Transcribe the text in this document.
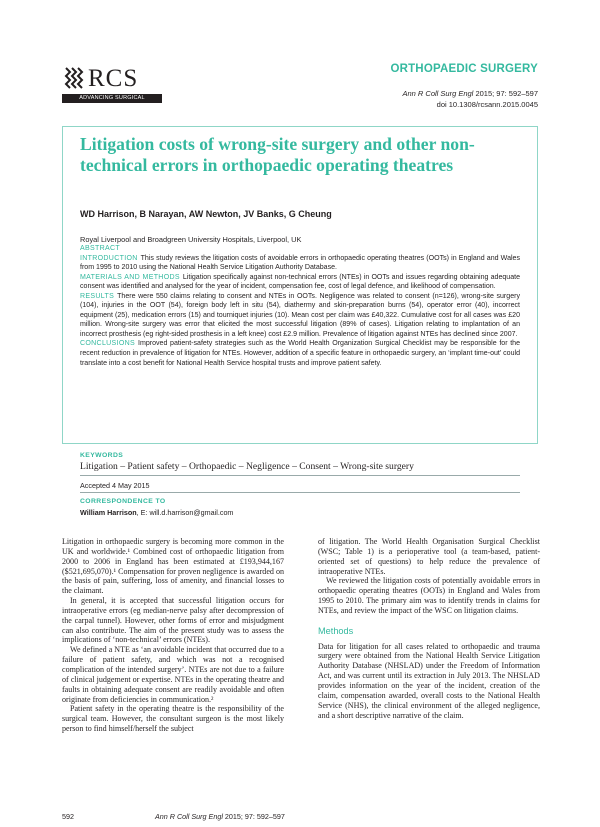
RCS
ADVANCING SURGICAL STANDARDS
ORTHOPAEDIC SURGERY
Ann R Coll Surg Engl 2015; 97: 592–597
doi 10.1308/rcsann.2015.0045
Litigation costs of wrong-site surgery and other non-technical errors in orthopaedic operating theatres
WD Harrison, B Narayan, AW Newton, JV Banks, G Cheung
Royal Liverpool and Broadgreen University Hospitals, Liverpool, UK

ABSTRACT

INTRODUCTION This study reviews the litigation costs of avoidable errors in orthopaedic operating theatres (OOTs) in England and Wales from 1995 to 2010 using the National Health Service Litigation Authority Database.

MATERIALS AND METHODS Litigation specifically against non-technical errors (NTEs) in OOTs and issues regarding obtaining adequate consent was identified and analysed for the year of incident, compensation fee, cost of legal defence, and likelihood of compensation.

RESULTS There were 550 claims relating to consent and NTEs in OOTs. Negligence was related to consent (n=126), wrong-site surgery (104), injuries in the OOT (54), foreign body left in situ (54), diathermy and skin-preparation burns (54), operator error (40), incorrect equipment (25), medication errors (15) and tourniquet injuries (10). Mean cost per claim was £40,322. Cumulative cost for all cases was £20 million. Wrong-site surgery was error that elicited the most successful litigation (89% of cases). Litigation relating to implantation of an incorrect prosthesis (eg right-sided prosthesis in a left knee) cost £2.9 million. Prevalence of litigation against NTEs has declined since 2007.

CONCLUSIONS Improved patient-safety strategies such as the World Health Organization Surgical Checklist may be responsible for the recent reduction in prevalence of litigation for NTEs. However, addition of a specific feature in orthopaedic surgery, an ‘implant time-out’ could translate into a cost benefit for National Health Service hospital trusts and improve patient safety.

KEYWORDS
Litigation – Patient safety – Orthopaedic – Negligence – Consent – Wrong-site surgery
Accepted 4 May 2015
CORRESPONDENCE TO
William Harrison, E: will.d.harrison@gmail.com

Litigation in orthopaedic surgery is becoming more common in the UK and worldwide.¹ Combined cost of orthopaedic litigation from 2000 to 2006 in England has been estimated at £193,944,167 ($521,695,070).¹ Compensation for proven negligence is awarded on the basis of pain, suffering, loss of amenity, and financial losses to the claimant.

In general, it is accepted that successful litigation occurs for intraoperative errors (eg median-nerve palsy after decompression of the carpal tunnel). However, other forms of error and misjudgment can also contribute. The aim of the present study was to assess the implications of ‘non-technical’ errors (NTEs).

We defined a NTE as ‘an avoidable incident that occurred due to a failure of patient safety, and which was not a recognised complication of the intended surgery’. NTEs are not due to a failure of clinical judgement or expertise. NTEs in the operating theatre and faults in obtaining adequate consent are readily avoidable and often originate from deficiencies in communication.²

Patient safety in the operating theatre is the responsibility of the surgical team. However, the consultant surgeon is the most likely person to find himself/herself the subject

of litigation. The World Health Organisation Surgical Checklist (WSC; Table 1) is a perioperative tool (a team-based, patient-oriented set of questions) to help reduce the prevalence of intraoperative NTEs.

We reviewed the litigation costs of potentially avoidable errors in orthopaedic operating theatres (OOTs) in England and Wales from 1995 to 2010. The primary aim was to identify trends in claims for NTEs, and review the impact of the WSC on litigation claims.

Methods

Data for litigation for all cases related to orthopaedic and trauma surgery were obtained from the National Health Service Litigation Authority Database (NHSLAD) under the Freedom of Information Act, and was current until its extraction in July 2013. The NHSLAD provides information on the year of the incident, creation of the claim, compensation awarded, overall costs to the National Health Service (NHS), the clinical environment of the alleged negligence, and a short descriptive narrative of the claim.

592	Ann R Coll Surg Engl 2015; 97: 592–597
